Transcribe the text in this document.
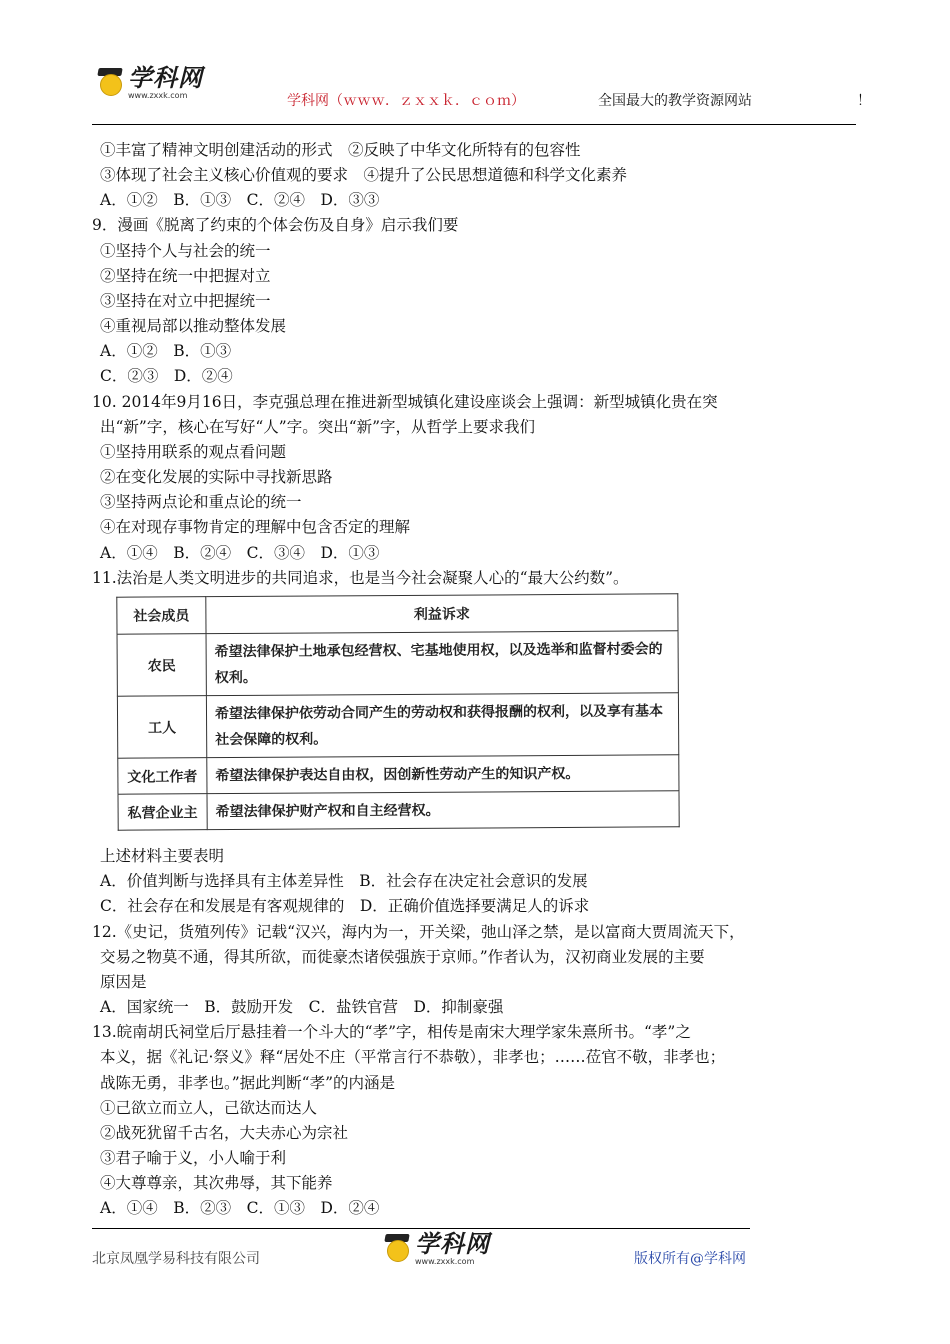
学科网
www.zxxk.com	学科网（ｗｗｗ．ｚｘｘｋ．ｃｏｍ）	全国最大的教学资源网站	！
①丰富了精神文明创建活动的形式　②反映了中华文化所特有的包容性
③体现了社会主义核心价值观的要求　④提升了公民思想道德和科学文化素养
A．①②　B．①③　C．②④　D．③③
9．漫画《脱离了约束的个体会伤及自身》启示我们要
①坚持个人与社会的统一
②坚持在统一中把握对立
③坚持在对立中把握统一
④重视局部以推动整体发展
A．①②　B．①③
C．②③　D．②④
10. 2014年9月16日，李克强总理在推进新型城镇化建设座谈会上强调：新型城镇化贵在突
出“新”字，核心在写好“人”字。突出“新”字，从哲学上要求我们
①坚持用联系的观点看问题
②在变化发展的实际中寻找新思路
③坚持两点论和重点论的统一
④在对现存事物肯定的理解中包含否定的理解
A．①④　B．②④　C．③④　D．①③
11.法治是人类文明进步的共同追求，也是当今社会凝聚人心的“最大公约数”。
社会成员	利益诉求
农民	希望法律保护土地承包经营权、宅基地使用权，以及选举和监督村委会的权利。
工人	希望法律保护依劳动合同产生的劳动权和获得报酬的权利，以及享有基本社会保障的权利。
文化工作者	希望法律保护表达自由权，因创新性劳动产生的知识产权。
私营企业主	希望法律保护财产权和自主经营权。
上述材料主要表明
A．价值判断与选择具有主体差异性　B．社会存在决定社会意识的发展
C．社会存在和发展是有客观规律的　D．正确价值选择要满足人的诉求
12.《史记，货殖列传》记载“汉兴，海内为一，开关梁，弛山泽之禁，是以富商大贾周流天下，
交易之物莫不通，得其所欲，而徙豪杰诸侯强族于京师。”作者认为，汉初商业发展的主要
原因是
A．国家统一　B．鼓励开发　C．盐铁官营　D．抑制豪强
13.皖南胡氏祠堂后厅悬挂着一个斗大的“孝”字，相传是南宋大理学家朱熹所书。“孝”之
本义，据《礼记·祭义》释“居处不庄（平常言行不恭敬），非孝也；……莅官不敬，非孝也；
战陈无勇，非孝也。”据此判断“孝”的内涵是
①己欲立而立人，己欲达而达人
②战死犹留千古名，大夫赤心为宗社
③君子喻于义，小人喻于利
④大尊尊亲，其次弗辱，其下能养
A．①④　B．②③　C．①③　D．②④
北京凤凰学易科技有限公司
学科网
www.zxxk.com	版权所有@学科网
